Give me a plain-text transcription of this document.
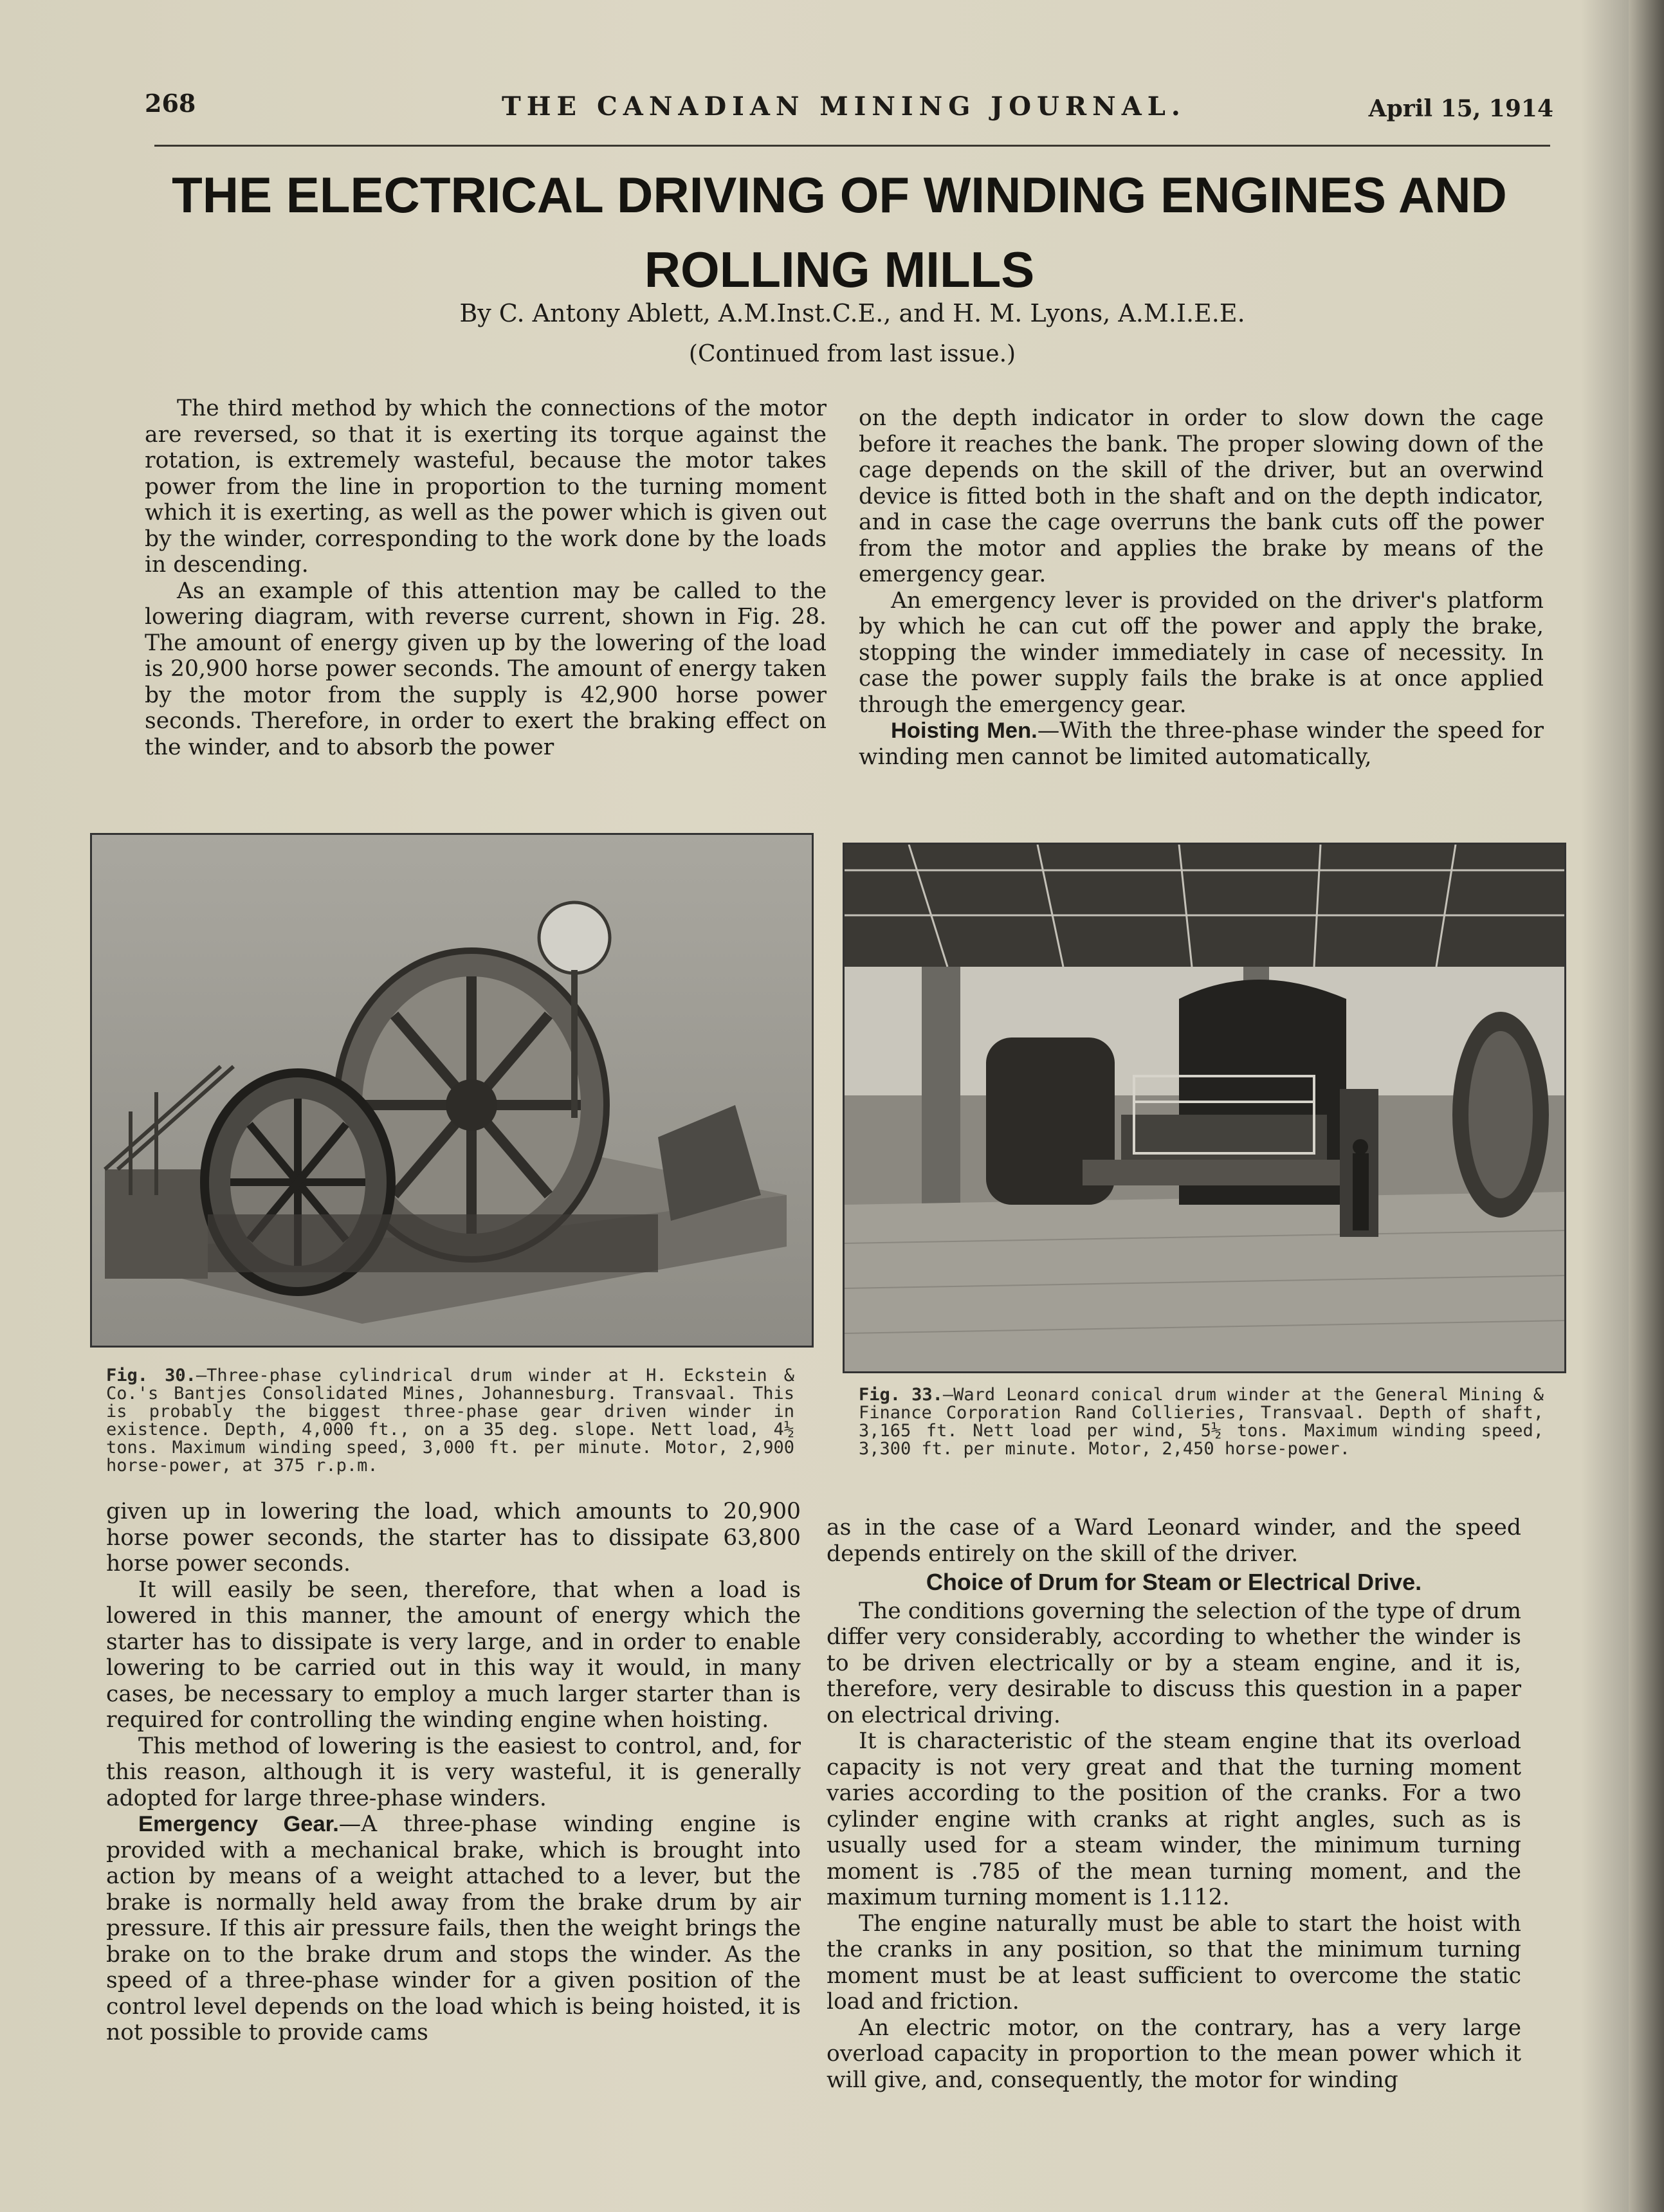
268	THE CANADIAN MINING JOURNAL.	April 15, 1914
THE ELECTRICAL DRIVING OF WINDING ENGINES AND
ROLLING MILLS
By C. Antony Ablett, A.M.Inst.C.E., and H. M. Lyons, A.M.I.E.E.
(Continued from last issue.)

The third method by which the connections of the motor are reversed, so that it is exerting its torque against the rotation, is extremely wasteful, because the motor takes power from the line in proportion to the turning moment which it is exerting, as well as the power which is given out by the winder, corresponding to the work done by the loads in descending.

As an example of this attention may be called to the lowering diagram, with reverse current, shown in Fig. 28. The amount of energy given up by the lowering of the load is 20,900 horse power seconds. The amount of energy taken by the motor from the supply is 42,900 horse power seconds. Therefore, in order to exert the braking effect on the winder, and to absorb the power

on the depth indicator in order to slow down the cage before it reaches the bank. The proper slowing down of the cage depends on the skill of the driver, but an overwind device is fitted both in the shaft and on the depth indicator, and in case the cage overruns the bank cuts off the power from the motor and applies the brake by means of the emergency gear.

An emergency lever is provided on the driver's platform by which he can cut off the power and apply the brake, stopping the winder immediately in case of necessity. In case the power supply fails the brake is at once applied through the emergency gear.

Hoisting Men.—With the three-phase winder the speed for winding men cannot be limited automatically,

Fig. 30.—Three-phase cylindrical drum winder at H. Eckstein & Co.'s Bantjes Consolidated Mines, Johannesburg. Transvaal. This is probably the biggest three-phase gear driven winder in existence. Depth, 4,000 ft., on a 35 deg. slope. Nett load, 4½ tons. Maximum winding speed, 3,000 ft. per minute. Motor, 2,900 horse-power, at 375 r.p.m.
Fig. 33.—Ward Leonard conical drum winder at the General Mining & Finance Corporation Rand Collieries, Transvaal. Depth of shaft, 3,165 ft. Nett load per wind, 5½ tons. Maximum winding speed, 3,300 ft. per minute. Motor, 2,450 horse-power.

given up in lowering the load, which amounts to 20,900 horse power seconds, the starter has to dissipate 63,800 horse power seconds.

It will easily be seen, therefore, that when a load is lowered in this manner, the amount of energy which the starter has to dissipate is very large, and in order to enable lowering to be carried out in this way it would, in many cases, be necessary to employ a much larger starter than is required for controlling the winding engine when hoisting.

This method of lowering is the easiest to control, and, for this reason, although it is very wasteful, it is generally adopted for large three-phase winders.

Emergency Gear.—A three-phase winding engine is provided with a mechanical brake, which is brought into action by means of a weight attached to a lever, but the brake is normally held away from the brake drum by air pressure. If this air pressure fails, then the weight brings the brake on to the brake drum and stops the winder. As the speed of a three-phase winder for a given position of the control level depends on the load which is being hoisted, it is not possible to provide cams

as in the case of a Ward Leonard winder, and the speed depends entirely on the skill of the driver.

Choice of Drum for Steam or Electrical Drive.

The conditions governing the selection of the type of drum differ very considerably, according to whether the winder is to be driven electrically or by a steam engine, and it is, therefore, very desirable to discuss this question in a paper on electrical driving.

It is characteristic of the steam engine that its overload capacity is not very great and that the turning moment varies according to the position of the cranks. For a two cylinder engine with cranks at right angles, such as is usually used for a steam winder, the minimum turning moment is .785 of the mean turning moment, and the maximum turning moment is 1.112.

The engine naturally must be able to start the hoist with the cranks in any position, so that the minimum turning moment must be at least sufficient to overcome the static load and friction.

An electric motor, on the contrary, has a very large overload capacity in proportion to the mean power which it will give, and, consequently, the motor for winding
